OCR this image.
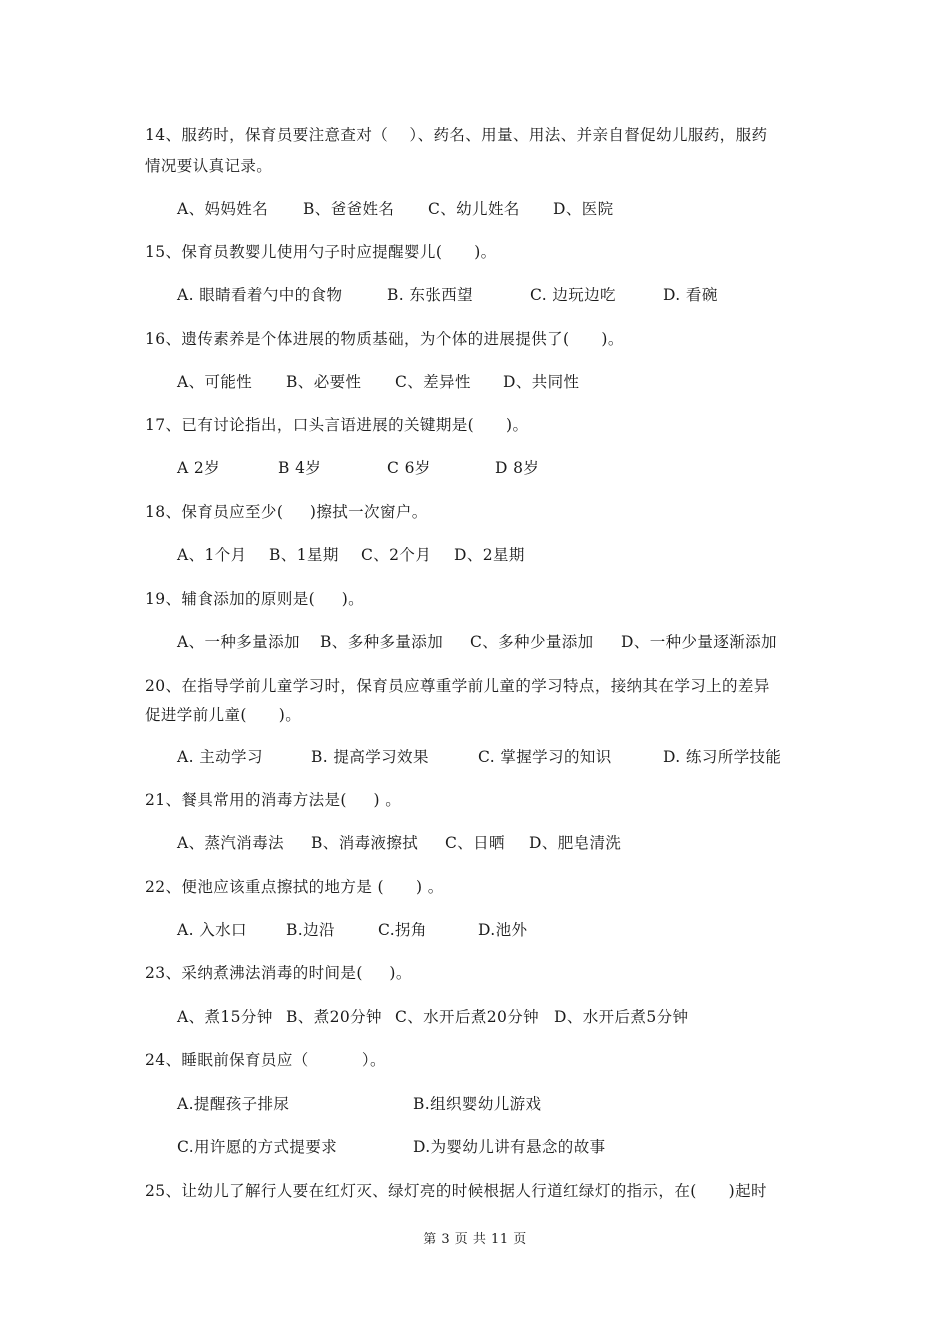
14、服药时，保育员要注意查对（    ）、药名、用量、用法、并亲自督促幼儿服药，服药
情况要认真记录。
A、妈妈姓名 B、爸爸姓名 C、幼儿姓名 D、医院
15、保育员教婴儿使用勺子时应提醒婴儿(      )。
A. 眼睛看着勺中的食物	B. 东张西望	C. 边玩边吃	D. 看碗
16、遗传素养是个体进展的物质基础，为个体的进展提供了(      )。
A、可能性 B、必要性 C、差异性 D、共同性
17、已有讨论指出，口头言语进展的关键期是(      )。
A 2岁	B 4岁	C 6岁	D 8岁
18、保育员应至少(     )擦拭一次窗户。
A、1个月 B、1星期 C、2个月 D、2星期
19、辅食添加的原则是(     )。
A、一种多量添加 B、多种多量添加 C、多种少量添加 D、一种少量逐渐添加
20、在指导学前儿童学习时，保育员应尊重学前儿童的学习特点，接纳其在学习上的差异
促进学前儿童(      )。
A. 主动学习	B. 提高学习效果	C. 掌握学习的知识	D. 练习所学技能
21、餐具常用的消毒方法是(     ) 。
A、蒸汽消毒法 B、消毒液擦拭 C、日晒 D、肥皂清洗
22、便池应该重点擦拭的地方是 (      ) 。
A. 入水口	B.边沿	C.拐角	D.池外
23、采纳煮沸法消毒的时间是(     )。
A、煮15分钟 B、煮20分钟 C、水开后煮20分钟 D、水开后煮5分钟
24、睡眠前保育员应（          ）。
A.提醒孩子排尿	B.组织婴幼儿游戏
C.用许愿的方式提要求	D.为婴幼儿讲有悬念的故事
25、让幼儿了解行人要在红灯灭、绿灯亮的时候根据人行道红绿灯的指示，在(      )起时
第 3 页 共 11 页
